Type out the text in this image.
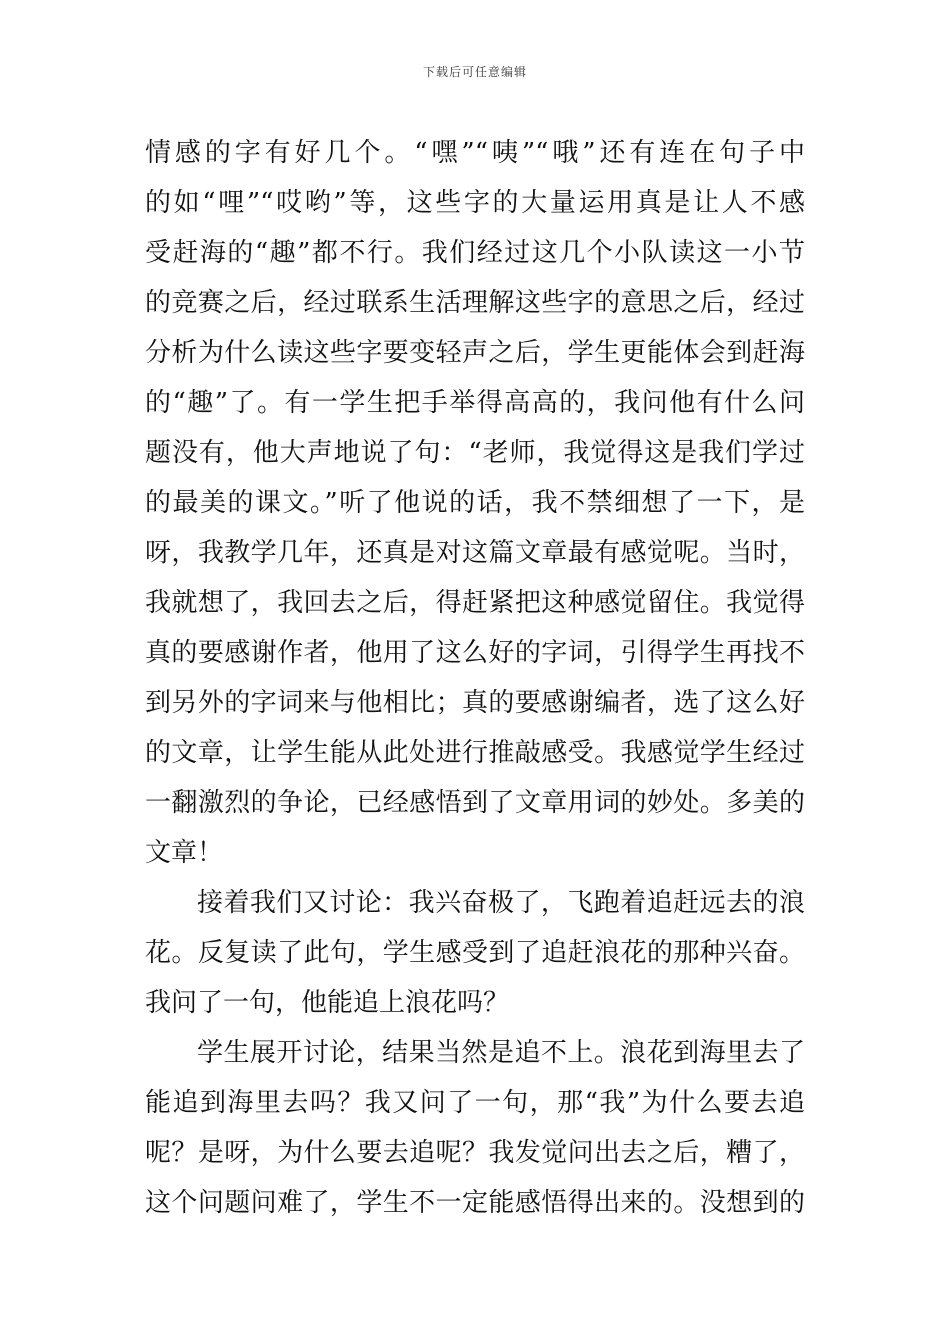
下载后可任意编辑
情感的字有好几个。“嘿”“咦”“哦”还有连在句子中
的如“哩”“哎哟”等，这些字的大量运用真是让人不感
受赶海的“趣”都不行。我们经过这几个小队读这一小节
的竞赛之后，经过联系生活理解这些字的意思之后，经过
分析为什么读这些字要变轻声之后，学生更能体会到赶海
的“趣”了。有一学生把手举得高高的，我问他有什么问
题没有，他大声地说了句：“老师，我觉得这是我们学过
的最美的课文。”听了他说的话，我不禁细想了一下，是
呀，我教学几年，还真是对这篇文章最有感觉呢。当时，
我就想了，我回去之后，得赶紧把这种感觉留住。我觉得
真的要感谢作者，他用了这么好的字词，引得学生再找不
到另外的字词来与他相比；真的要感谢编者，选了这么好
的文章，让学生能从此处进行推敲感受。我感觉学生经过
一翻激烈的争论，已经感悟到了文章用词的妙处。多美的
文章！
接着我们又讨论：我兴奋极了，飞跑着追赶远去的浪
花。反复读了此句，学生感受到了追赶浪花的那种兴奋。
我问了一句，他能追上浪花吗？
学生展开讨论，结果当然是追不上。浪花到海里去了
能追到海里去吗？我又问了一句，那“我”为什么要去追
呢？是呀，为什么要去追呢？我发觉问出去之后，糟了，
这个问题问难了，学生不一定能感悟得出来的。没想到的
